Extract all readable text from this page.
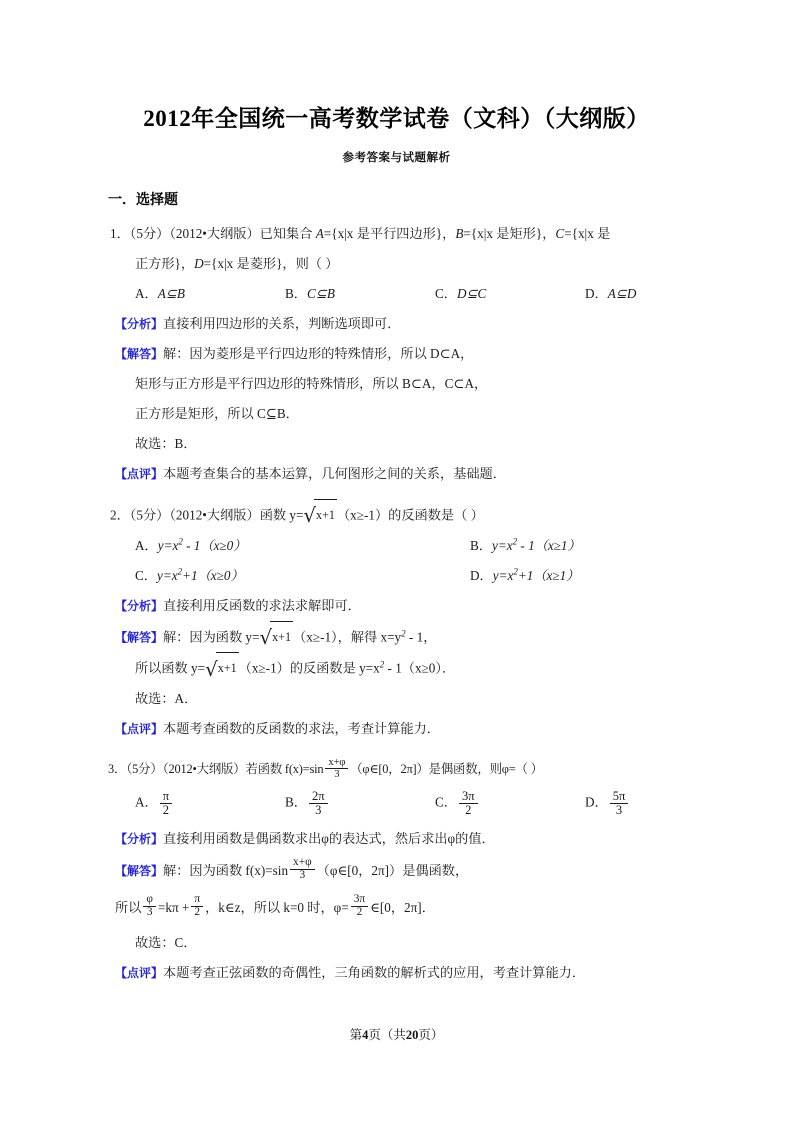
2012年全国统一高考数学试卷（文科）（大纲版）
参考答案与试题解析
一．选择题
1．（5分）（2012•大纲版）已知集合 A={x|x 是平行四边形}，B={x|x 是矩形}，C={x|x 是
正方形}，D={x|x 是菱形}，则（ ）
A．A⊆B	B．C⊆B	C．D⊆C	D．A⊆D
【分析】直接利用四边形的关系，判断选项即可．
【解答】解：因为菱形是平行四边形的特殊情形，所以 D⊂A，
矩形与正方形是平行四边形的特殊情形，所以 B⊂A，C⊂A，
正方形是矩形，所以 C⊆B．
故选：B．
【点评】本题考查集合的基本运算，几何图形之间的关系，基础题．
2．（5分）（2012•大纲版）函数 y=√x+1 （x≥-1）的反函数是（ ）
A．$y=x^2 - 1(x\ge 0)$	B．$y=x^2 - 1(x\ge 1)$
C．$y=x^2+1(x\ge 0)$	D．$y=x^2+1(x\ge 1)$
【分析】直接利用反函数的求法求解即可．
【解答】解：因为函数 y=√x+1 （x≥-1），解得 $x=y^2 - 1$，
所以函数 y=√x+1 （x≥-1）的反函数是 $y=x^2 - 1(x\ge 0)$．
故选：A．
【点评】本题考查函数的反函数的求法，考查计算能力．
3．（5分）（2012•大纲版）若函数 $f(x)=\sin \frac{x+\varphi}{3}$ （φ∈[0，2π]）是偶函数，则φ=（ ）
A． $\frac{\pi}{2}$	B． $\frac{2\pi}{3}$	C． $\frac{3\pi}{2}$	D． $\frac{5\pi}{3}$
【分析】直接利用函数是偶函数求出φ的表达式，然后求出φ的值．
【解答】解：因为函数 $f(x)=\sin \frac{x+\varphi}{3}$ （φ∈[0，2π]）是偶函数，
所以 $\frac{\varphi}{3} =k\pi + \frac{\pi}{2}$ ，k∈z，所以 k=0 时，$\varphi= \frac{3\pi}{2}$ ∈[0，2π]．
故选：C．
【点评】本题考查正弦函数的奇偶性，三角函数的解析式的应用，考查计算能力．
第4页（共20页）
